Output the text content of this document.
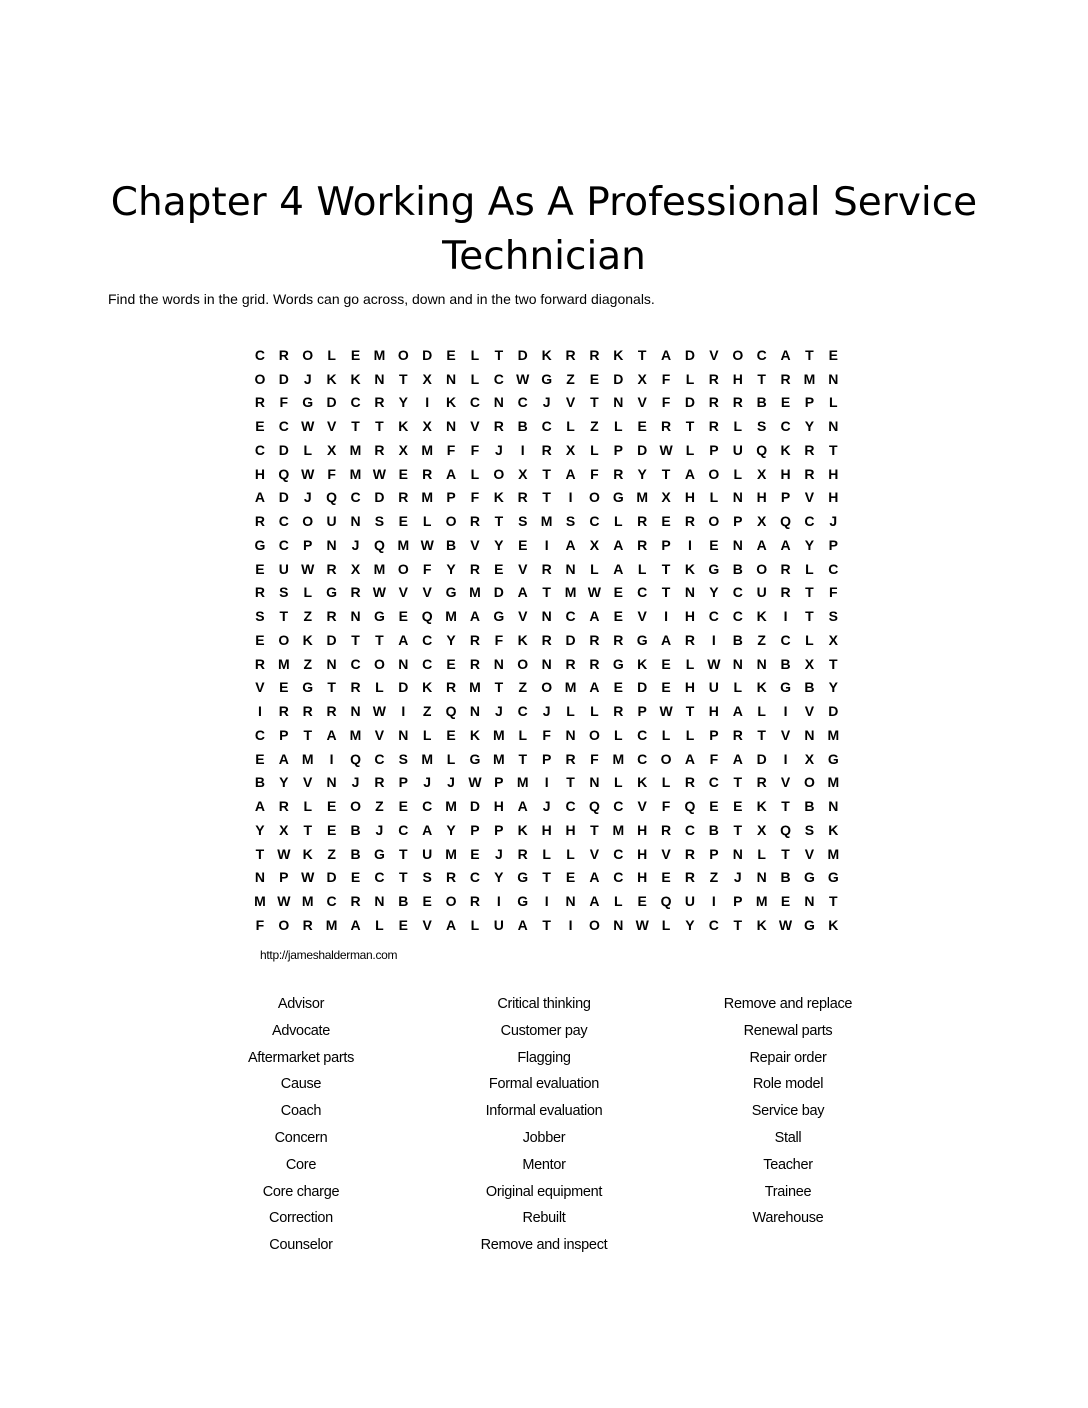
Chapter 4 Working As A Professional Service Technician
Find the words in the grid. Words can go across, down and in the two forward diagonals.
C R O	L	E M O D	E	L	T	D K R R K	T	A D	V O C A	T	E
O D	J	K K N	T	X	N	L	C W G	Z	E	D	X	F	L	R H	T	R M N
R	F	G D C R	Y	I	K C N C	J	V	T	N	V	F	D R R B	E	P	L
E	C W V	T	T	K	X	N	V	R B C	L	Z	L	E	R	T	R	L	S	C	Y	N
C D	L	X M R	X M F	F	J	I	R	X	L	P	D W L	P	U Q K R	T
H Q W F M W E	R A	L	O X	T	A	F	R	Y	T	A O	L	X	H R H
A D	J	Q C D R M P	F	K R	T	I	O G M X	H	L	N H	P	V	H
R C O U N	S	E	L	O R	T	S M S	C	L	R	E	R O P	X Q C	J
G C	P	N	J	Q M W B	V	Y	E	I	A	X	A R	P	I	E	N A A	Y	P
E	U W R	X M O	F	Y	R	E	V	R N	L	A	L	T	K G B O R	L	C
R	S	L	G R W V	V G M D A	T M W E	C	T	N	Y	C U R	T	F
S	T	Z	R N G E Q M A G V	N C A	E	V	I	H C C K	I	T	S
E O K D	T	T	A C	Y	R	F	K R D R R G A R	I	B	Z	C	L	X
R M Z	N C O N C	E	R N O N R R G K	E	L W N N B	X	T
V	E G	T	R	L	D K R M T	Z	O M A	E	D	E	H U	L	K G B	Y
I	R R R N W	I	Z	Q N	J	C	J	L	L	R	P W T	H A	L	I	V	D
C	P	T	A M V	N	L	E	K M L	F	N O	L	C	L	L	P	R	T	V	N M
E	A M	I	Q C	S M L	G M T	P	R	F M C O A	F	A D	I	X G
B	Y	V	N	J	R	P	J	J W P M	I	T	N	L	K	L	R C	T	R	V O M
A R	L	E O	Z	E	C M D H A	J	C Q C	V	F	Q E	E	K	T	B N
Y	X	T	E	B	J	C A	Y	P	P	K H H	T M H R C B	T	X Q S	K
T W K	Z	B G	T	U M E	J	R	L	L	V	C H	V	R	P	N	L	T	V M
N	P W D	E	C	T	S	R C	Y G	T	E	A C H	E	R	Z	J	N B G G
M W M C R N B	E O R	I	G	I	N A	L	E Q U	I	P M E	N	T
F	O R M A	L	E	V	A	L	U A	T	I	O N W L	Y	C	T	K W G K
http://jameshalderman.com
Advisor
Advocate
Aftermarket parts
Cause
Coach
Concern
Core
Core charge
Correction
Counselor
Critical thinking
Customer pay
Flagging
Formal evaluation
Informal evaluation
Jobber
Mentor
Original equipment
Rebuilt
Remove and inspect
Remove and replace
Renewal parts
Repair order
Role model
Service bay
Stall
Teacher
Trainee
Warehouse
